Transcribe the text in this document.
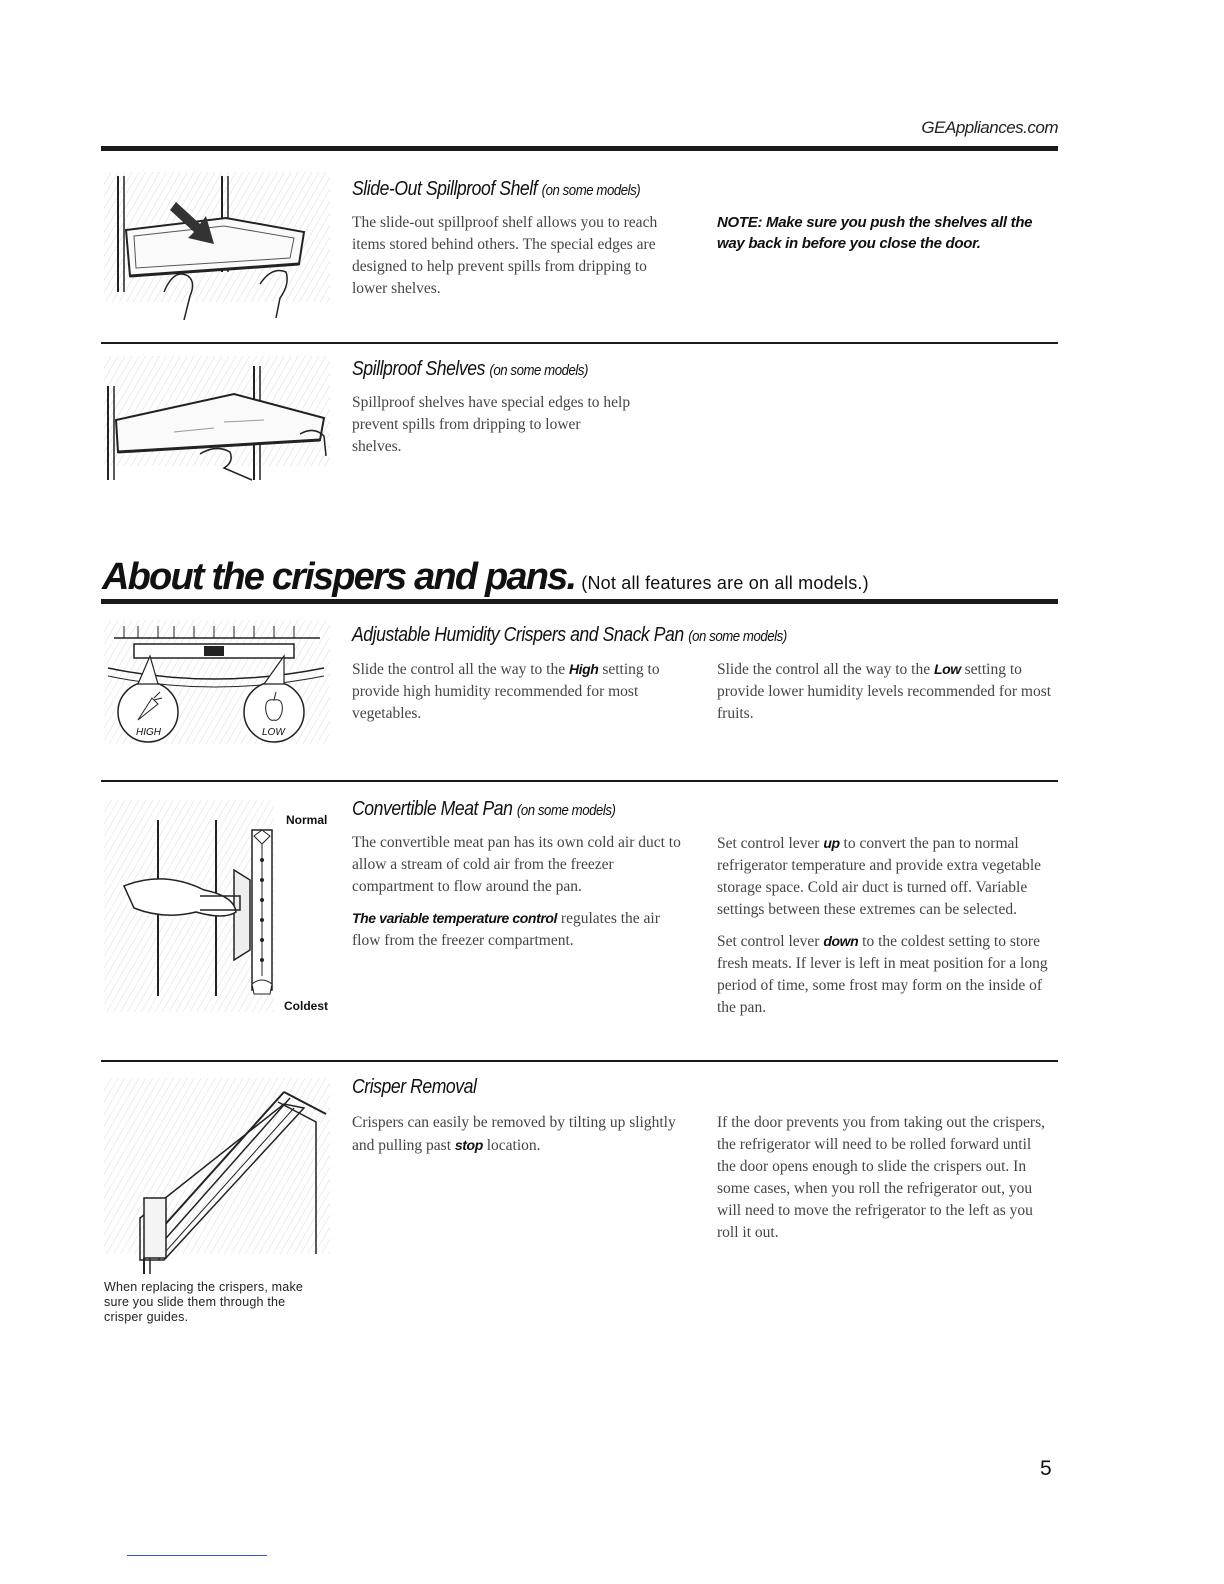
GEAppliances.com
Slide-Out Spillproof Shelf (on some models)
The slide-out spillproof shelf allows you to reach items stored behind others. The special edges are designed to help prevent spills from dripping to lower shelves.
NOTE: Make sure you push the shelves all the way back in before you close the door.
Spillproof Shelves (on some models)
Spillproof shelves have special edges to help prevent spills from dripping to lower shelves.
About the crispers and pans. (Not all features are on all models.)
HIGH	LOW
Adjustable Humidity Crispers and Snack Pan (on some models)
Slide the control all the way to the High setting to provide high humidity recommended for most vegetables.
Slide the control all the way to the Low setting to provide lower humidity levels recommended for most fruits.
Normal
Coldest
Convertible Meat Pan (on some models)

The convertible meat pan has its own cold air duct to allow a stream of cold air from the freezer compartment to flow around the pan.

The variable temperature control regulates the air flow from the freezer compartment.

Set control lever up to convert the pan to normal refrigerator temperature and provide extra vegetable storage space. Cold air duct is turned off. Variable settings between these extremes can be selected.

Set control lever down to the coldest setting to store fresh meats. If lever is left in meat position for a long period of time, some frost may form on the inside of the pan.

When replacing the crispers, make sure you slide them through the crisper guides.
Crisper Removal
Crispers can easily be removed by tilting up slightly and pulling past stop location.
If the door prevents you from taking out the crispers, the refrigerator will need to be rolled forward until the door opens enough to slide the crispers out. In some cases, when you roll the refrigerator out, you will need to move the refrigerator to the left as you roll it out.
5
